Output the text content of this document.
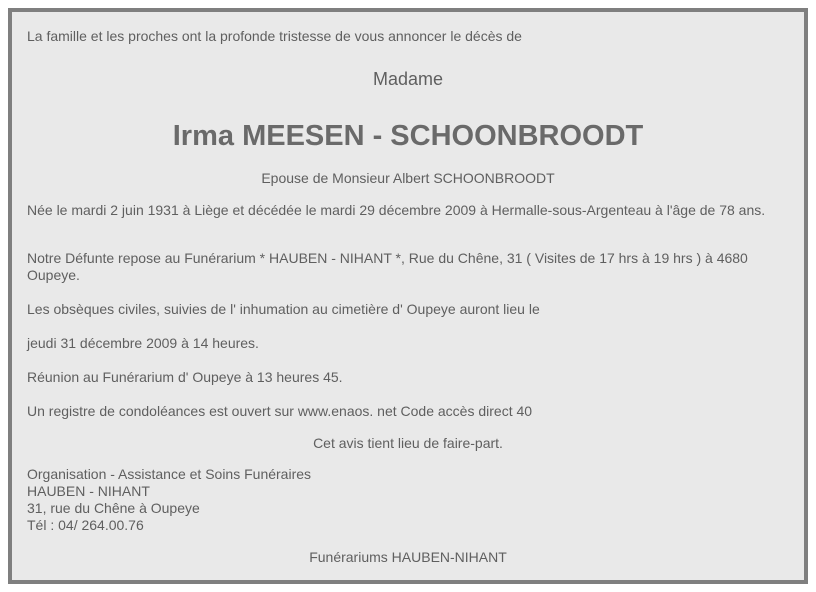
La famille et les proches ont la profonde tristesse de vous annoncer le décès de

Madame

Irma MEESEN - SCHOONBROODT

Epouse de Monsieur Albert SCHOONBROODT

Née le mardi 2 juin 1931 à Liège et décédée le mardi 29 décembre 2009 à Hermalle-sous-Argenteau à l'âge de 78 ans.

Notre Défunte repose au Funérarium * HAUBEN - NIHANT *, Rue du Chêne, 31 ( Visites de 17 hrs à 19 hrs ) à 4680 Oupeye.

Les obsèques civiles, suivies de l' inhumation au cimetière d' Oupeye auront lieu le

jeudi 31 décembre 2009 à 14 heures.

Réunion au Funérarium d' Oupeye à 13 heures 45.

Un registre de condoléances est ouvert sur www.enaos. net Code accès direct 40

Cet avis tient lieu de faire-part.

Organisation - Assistance et Soins Funéraires
HAUBEN - NIHANT
31, rue du Chêne à Oupeye
Tél : 04/ 264.00.76

Funérariums HAUBEN-NIHANT
